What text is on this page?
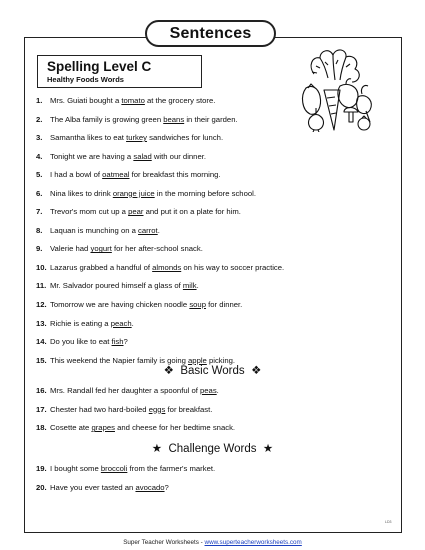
Sentences
Spelling Level C
Healthy Foods Words
1. Mrs. Guiati bought a tomato at the grocery store.
2. The Alba family is growing green beans in their garden.
3. Samantha likes to eat turkey sandwiches for lunch.
4. Tonight we are having a salad with our dinner.
5. I had a bowl of oatmeal for breakfast this morning.
6. Nina likes to drink orange juice in the morning before school.
7. Trevor's mom cut up a pear and put it on a plate for him.
8. Laquan is munching on a carrot.
9. Valerie had yogurt for her after-school snack.
10. Lazarus grabbed a handful of almonds on his way to soccer practice.
11. Mr. Salvador poured himself a glass of milk.
12. Tomorrow we are having chicken noodle soup for dinner.
13. Richie is eating a peach.
14. Do you like to eat fish?
15. This weekend the Napier family is going apple picking.
❖ Basic Words ❖
16. Mrs. Randall fed her daughter a spoonful of peas.
17. Chester had two hard-boiled eggs for breakfast.
18. Cosette ate grapes and cheese for her bedtime snack.
★ Challenge Words ★
19. I bought some broccoli from the farmer's market.
20. Have you ever tasted an avocado?
LD3
Super Teacher Worksheets - www.superteacherworksheets.com
